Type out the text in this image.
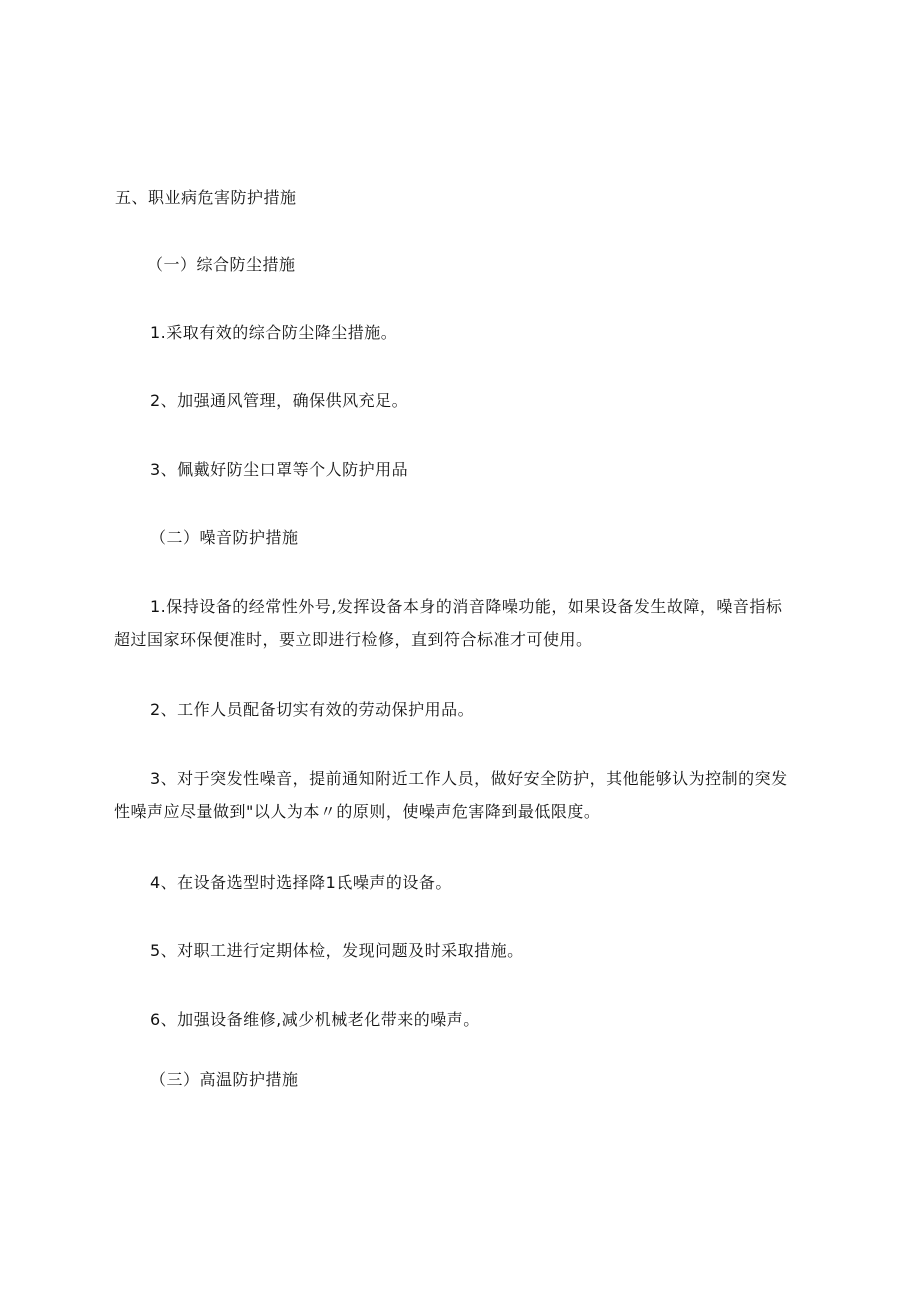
五、职业病危害防护措施
（一）综合防尘措施
1.采取有效的综合防尘降尘措施。
2、加强通风管理，确保供风充足。
3、佩戴好防尘口罩等个人防护用品
（二）噪音防护措施
1.保持设备的经常性外号,发挥设备本身的消音降噪功能，如果设备发生故障，噪音指标超过国家环保便准时，要立即进行检修，直到符合标准才可使用。
2、工作人员配备切实有效的劳动保护用品。
3、对于突发性噪音，提前通知附近工作人员，做好安全防护，其他能够认为控制的突发性噪声应尽量做到"以人为本〃的原则，使噪声危害降到最低限度。
4、在设备选型时选择降1氐噪声的设备。
5、对职工进行定期体检，发现问题及时采取措施。
6、加强设备维修,减少机械老化带来的噪声。
（三）高温防护措施
